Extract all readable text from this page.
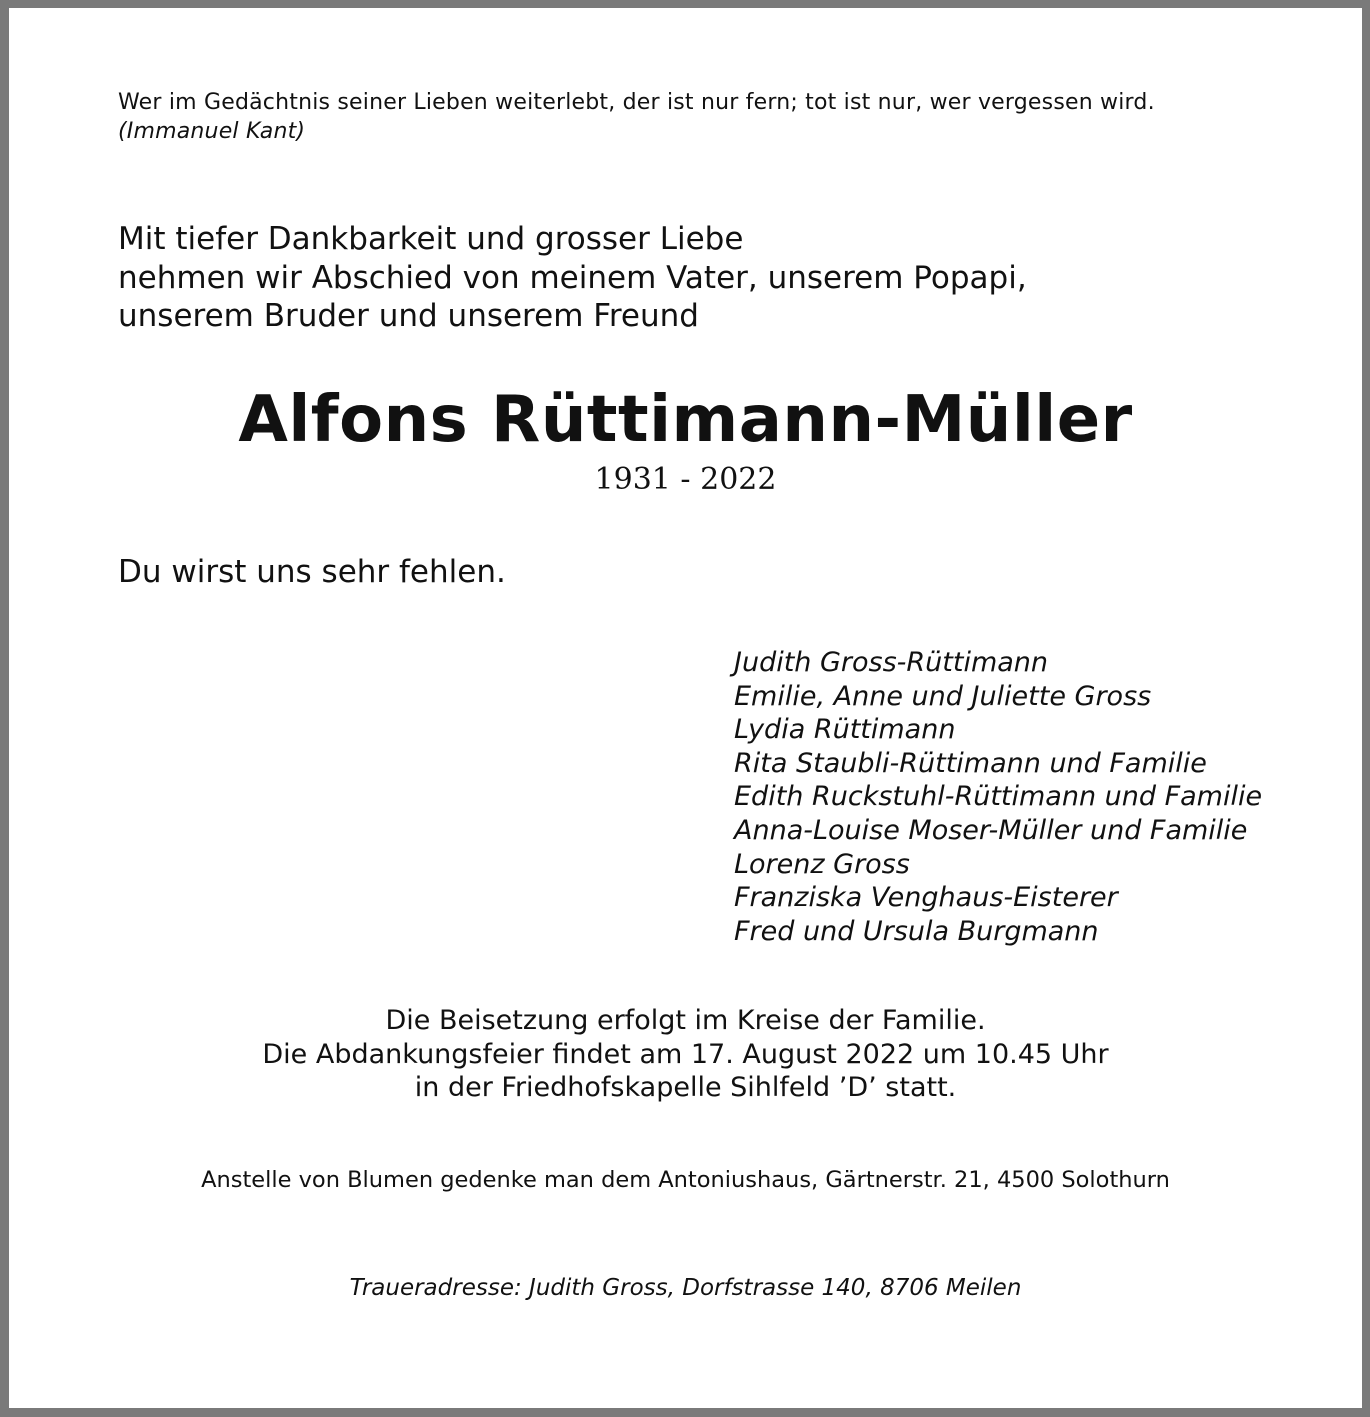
Wer im Gedächtnis seiner Lieben weiterlebt, der ist nur fern; tot ist nur, wer vergessen wird.
(Immanuel Kant)
Mit tiefer Dankbarkeit und grosser Liebe
nehmen wir Abschied von meinem Vater, unserem Popapi,
unserem Bruder und unserem Freund
Alfons Rüttimann-Müller
1931 - 2022
Du wirst uns sehr fehlen.
Judith Gross-Rüttimann
Emilie, Anne und Juliette Gross
Lydia Rüttimann
Rita Staubli-Rüttimann und Familie
Edith Ruckstuhl-Rüttimann und Familie
Anna-Louise Moser-Müller und Familie
Lorenz Gross
Franziska Venghaus-Eisterer
Fred und Ursula Burgmann
Die Beisetzung erfolgt im Kreise der Familie.
Die Abdankungsfeier findet am 17. August 2022 um 10.45 Uhr
in der Friedhofskapelle Sihlfeld ’D’ statt.
Anstelle von Blumen gedenke man dem Antoniushaus, Gärtnerstr. 21, 4500 Solothurn
Traueradresse: Judith Gross, Dorfstrasse 140, 8706 Meilen
